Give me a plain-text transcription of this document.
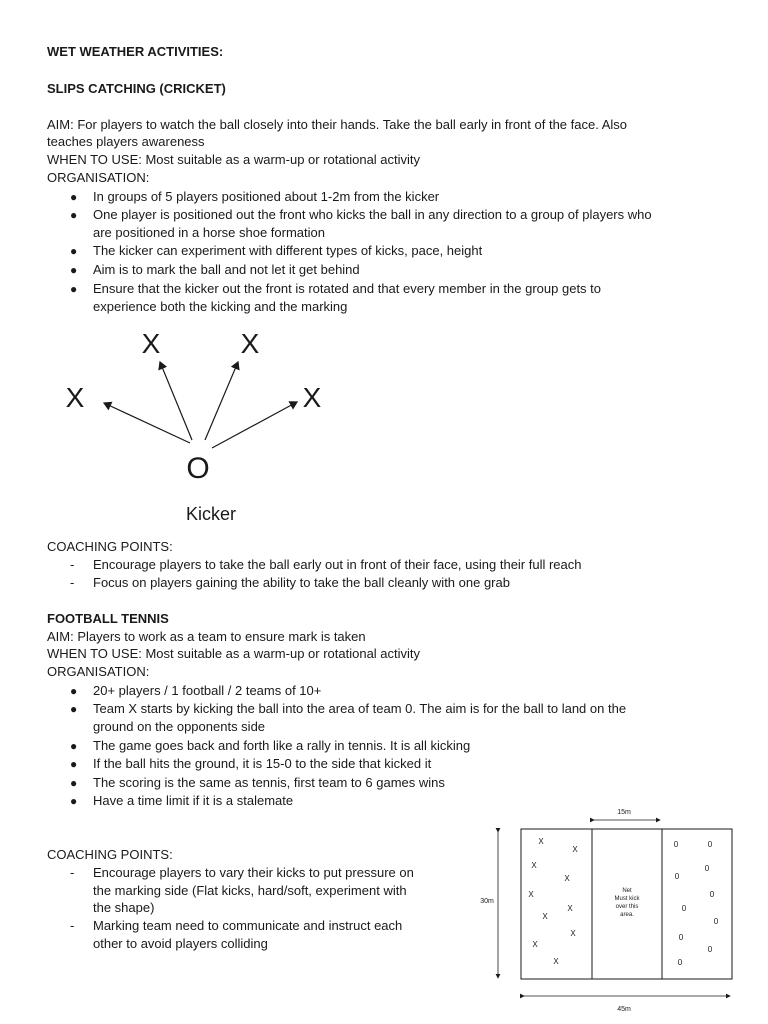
WET WEATHER ACTIVITIES:
SLIPS CATCHING (CRICKET)
AIM: For players to watch the ball closely into their hands. Take the ball early in front of the face. Also
teaches players awareness
WHEN TO USE: Most suitable as a warm-up or rotational activity
ORGANISATION:
● In groups of 5 players positioned about 1-2m from the kicker
● One player is positioned out the front who kicks the ball in any direction to a group of players who
are positioned in a horse shoe formation
● The kicker can experiment with different types of kicks, pace, height
● Aim is to mark the ball and not let it get behind
● Ensure that the kicker out the front is rotated and that every member in the group gets to
experience both the kicking and the marking
X	X
X	X
O
Kicker
COACHING POINTS:
- Encourage players to take the ball early out in front of their face, using their full reach
- Focus on players gaining the ability to take the ball cleanly with one grab
FOOTBALL TENNIS
AIM: Players to work as a team to ensure mark is taken
WHEN TO USE: Most suitable as a warm-up or rotational activity
ORGANISATION:
● 20+ players / 1 football / 2 teams of 10+
● Team X starts by kicking the ball into the area of team 0. The aim is for the ball to land on the
ground on the opponents side
● The game goes back and forth like a rally in tennis. It is all kicking
● If the ball hits the ground, it is 15-0 to the side that kicked it
● The scoring is the same as tennis, first team to 6 games wins
● Have a time limit if it is a stalemate
COACHING POINTS:
- Encourage players to vary their kicks to put pressure on
the marking side (Flat kicks, hard/soft, experiment with
the shape)
- Marking team need to communicate and instruct each
other to avoid players colliding
15m
30m
Net
Must kick
over this
area.
X
X
X
X
X
X
X
X
X
X
0	0
0
0
0
0
0
0
0
0
45m
